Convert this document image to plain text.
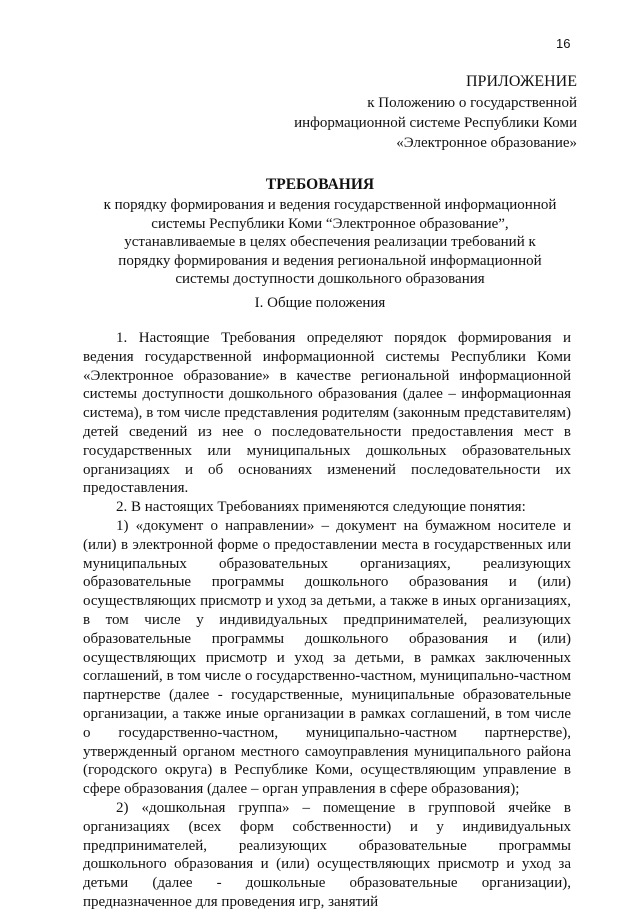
16
ПРИЛОЖЕНИЕ
к Положению о государственной
информационной системе Республики Коми
«Электронное образование»
ТРЕБОВАНИЯ
к порядку формирования и ведения государственной информационной системы Республики Коми “Электронное образование”, устанавливаемые в целях обеспечения реализации требований к порядку формирования и ведения региональной информационной системы доступности дошкольного образования
I. Общие положения

1. Настоящие Требования определяют порядок формирования и ведения государственной информационной системы Республики Коми «Электронное образование» в качестве региональной информационной системы доступности дошкольного образования (далее – информационная система), в том числе представления родителям (законным представителям) детей сведений из нее о последовательности предоставления мест в государственных или муниципальных дошкольных образовательных организациях и об основаниях изменений последовательности их предоставления.

2. В настоящих Требованиях применяются следующие понятия:

1) «документ о направлении» – документ на бумажном носителе и (или) в электронной форме о предоставлении места в государственных или муниципальных образовательных организациях, реализующих образовательные программы дошкольного образования и (или) осуществляющих присмотр и уход за детьми, а также в иных организациях, в том числе у индивидуальных предпринимателей, реализующих образовательные программы дошкольного образования и (или) осуществляющих присмотр и уход за детьми, в рамках заключенных соглашений, в том числе о государственно-частном, муниципально-частном партнерстве (далее - государственные, муниципальные образовательные организации, а также иные организации в рамках соглашений, в том числе о государственно-частном, муниципально-частном партнерстве), утвержденный органом местного самоуправления муниципального района (городского округа) в Республике Коми, осуществляющим управление в сфере образования (далее – орган управления в сфере образования);

2) «дошкольная группа» – помещение в групповой ячейке в организациях (всех форм собственности) и у индивидуальных предпринимателей, реализующих образовательные программы дошкольного образования и (или) осуществляющих присмотр и уход за детьми (далее - дошкольные образовательные организации), предназначенное для проведения игр, занятий
